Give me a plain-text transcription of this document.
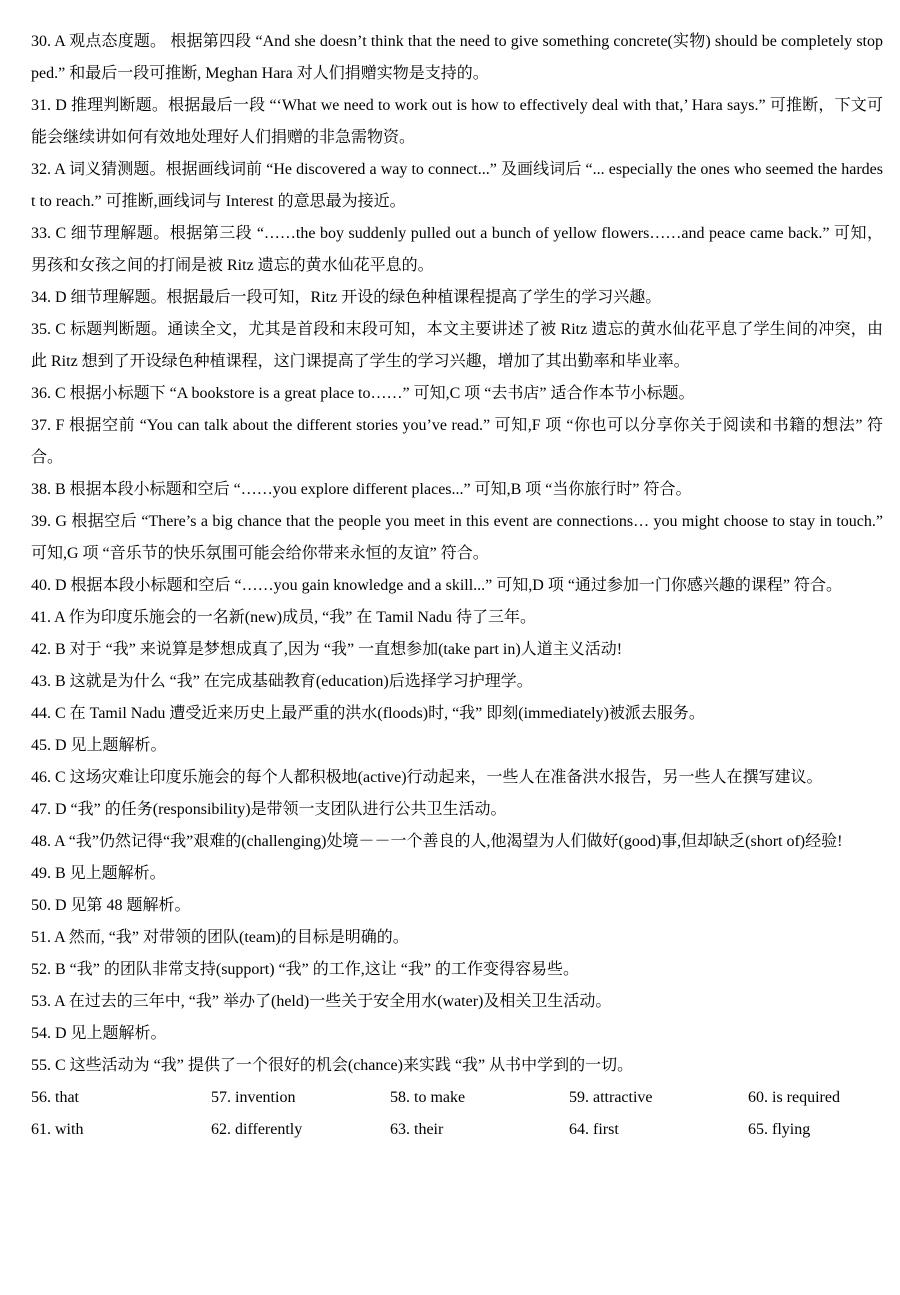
30. A 观点态度题。 根据第四段 “And she doesn’t think that the need to give something concrete(实物) should be completely stopped.” 和最后一段可推断, Meghan Hara 对人们捐赠实物是支持的。

31. D 推理判断题。根据最后一段 “‘What we need to work out is how to effectively deal with that,’ Hara says.” 可推断，下文可能会继续讲如何有效地处理好人们捐赠的非急需物资。

32. A 词义猜测题。根据画线词前 “He discovered a way to connect...” 及画线词后 “... especially the ones who seemed the hardest to reach.” 可推断,画线词与 Interest 的意思最为接近。

33. C 细节理解题。根据第三段 “……the boy suddenly pulled out a bunch of yellow flowers……and peace came back.” 可知，男孩和女孩之间的打闹是被 Ritz 遗忘的黄水仙花平息的。

34. D 细节理解题。根据最后一段可知，Ritz 开设的绿色种植课程提高了学生的学习兴趣。

35. C 标题判断题。通读全文，尤其是首段和末段可知，本文主要讲述了被 Ritz 遗忘的黄水仙花平息了学生间的冲突，由此 Ritz 想到了开设绿色种植课程，这门课提高了学生的学习兴趣，增加了其出勤率和毕业率。

36. C 根据小标题下 “A bookstore is a great place to……” 可知,C 项 “去书店” 适合作本节小标题。

37. F 根据空前 “You can talk about the different stories you’ve read.” 可知,F 项 “你也可以分享你关于阅读和书籍的想法” 符合。

38. B 根据本段小标题和空后 “……you explore different places...” 可知,B 项 “当你旅行时” 符合。

39. G 根据空后 “There’s a big chance that the people you meet in this event are connections… you might choose to stay in touch.” 可知,G 项 “音乐节的快乐氛围可能会给你带来永恒的友谊” 符合。

40. D 根据本段小标题和空后 “……you gain knowledge and a skill...” 可知,D 项 “通过参加一门你感兴趣的课程” 符合。

41. A 作为印度乐施会的一名新(new)成员, “我” 在 Tamil Nadu 待了三年。

42. B 对于 “我” 来说算是梦想成真了,因为 “我” 一直想参加(take part in)人道主义活动!

43. B 这就是为什么 “我” 在完成基础教育(education)后选择学习护理学。

44. C 在 Tamil Nadu 遭受近来历史上最严重的洪水(floods)时, “我” 即刻(immediately)被派去服务。

45. D 见上题解析。

46. C 这场灾难让印度乐施会的每个人都积极地(active)行动起来，一些人在准备洪水报告，另一些人在撰写建议。

47. D “我” 的任务(responsibility)是带领一支团队进行公共卫生活动。

48. A “我”仍然记得“我”艰难的(challenging)处境－－一个善良的人,他渴望为人们做好(good)事,但却缺乏(short of)经验!

49. B 见上题解析。

50. D 见第 48 题解析。

51. A 然而, “我” 对带领的团队(team)的目标是明确的。

52. B “我” 的团队非常支持(support) “我” 的工作,这让 “我” 的工作变得容易些。

53. A 在过去的三年中, “我” 举办了(held)一些关于安全用水(water)及相关卫生活动。

54. D 见上题解析。

55. C 这些活动为 “我” 提供了一个很好的机会(chance)来实践 “我” 从书中学到的一切。

56. that	57. invention	58. to make	59. attractive	60. is required
61. with	62. differently	63. their	64. first	65. flying
